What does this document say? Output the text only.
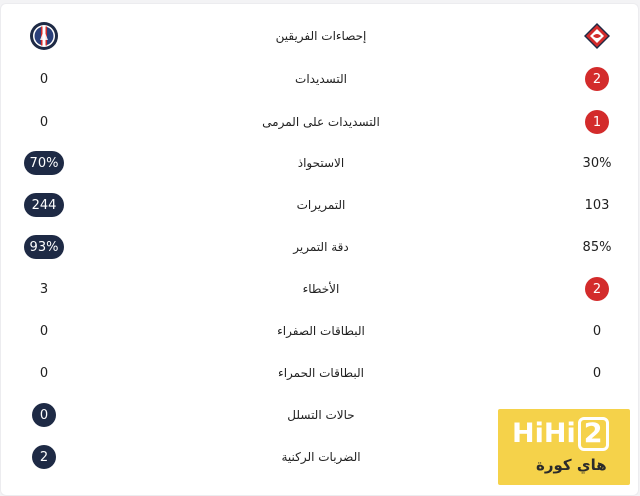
إحصاءات الفريقين
0	التسديدات	2
0	التسديدات على المرمى	1
70%	الاستحواذ	30%
244	التمريرات	103
93%	دقة التمرير	85%
3	الأخطاء	2
0	البطاقات الصفراء	0
0	البطاقات الحمراء	0
0	حالات التسلل
2	الضربات الركنية
HiHi 2
هاي كورة
